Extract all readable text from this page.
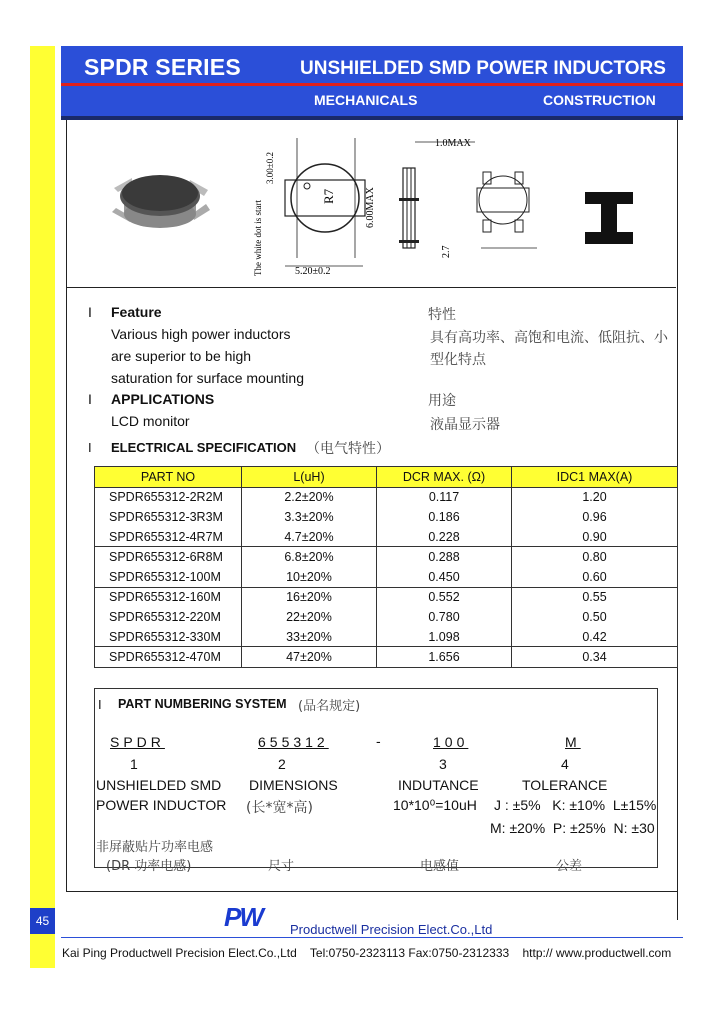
45
SPDR SERIES	UNSHIELDED SMD POWER INDUCTORS
MECHANICALS	CONSTRUCTION
R7
The white dot is start
3.00±0.2
6.00MAX
5.20±0.2
1.0MAX
2.7
I Feature
Various high power inductors
are superior to be high
saturation for surface mounting
特性
具有高功率、高饱和电流、低阻抗、小
型化特点
I APPLICATIONS
LCD monitor
用途
液晶显示器
I ELECTRICAL SPECIFICATION （电气特性）
PART NO	L(uH)	DCR MAX. (Ω)	IDC1 MAX(A)
SPDR655312-2R2M	2.2±20%	0.117	1.20
SPDR655312-3R3M	3.3±20%	0.186	0.96
SPDR655312-4R7M	4.7±20%	0.228	0.90
SPDR655312-6R8M	6.8±20%	0.288	0.80
SPDR655312-100M	10±20%	0.450	0.60
SPDR655312-160M	16±20%	0.552	0.55
SPDR655312-220M	22±20%	0.780	0.50
SPDR655312-330M	33±20%	1.098	0.42
SPDR655312-470M	47±20%	1.656	0.34
I PART NUMBERING SYSTEM (品名规定)
SPDR	655312	-	100	M
1	2	3	4
UNSHIELDED SMD DIMENSIONS	INDUTANCE	TOLERANCE
POWER INDUCTOR (长*宽*高)	10*10⁰=10uH J : ±5%   K: ±10%  L±15%
M: ±20%  P: ±25%  N: ±30
非屏蔽贴片功率电感
(DR 功率电感)	尺寸	电感值	公差
PW Productwell Precision Elect.Co.,Ltd
Kai Ping Productwell Precision Elect.Co.,Ltd    Tel:0750-2323113 Fax:0750-2312333    http:// www.productwell.com
